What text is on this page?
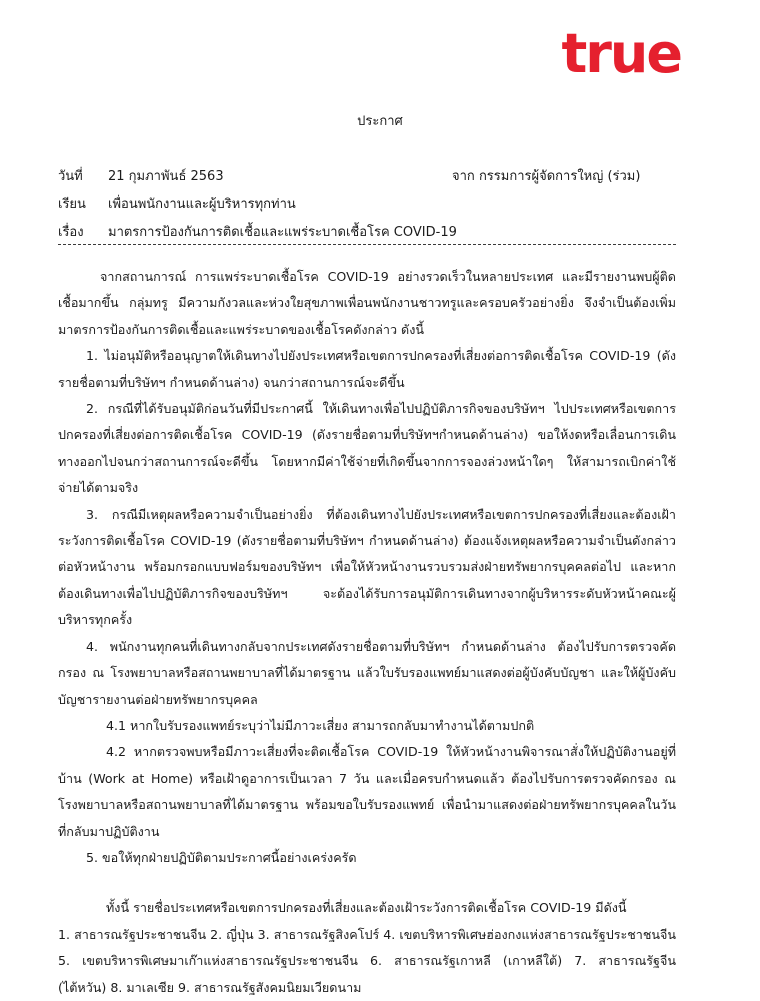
true
ประกาศ
วันที่ 21 กุมภาพันธ์ 2563	จาก กรรมการผู้จัดการใหญ่ (ร่วม)
เรียน เพื่อนพนักงานและผู้บริหารทุกท่าน
เรื่อง มาตรการป้องกันการติดเชื้อและแพร่ระบาดเชื้อโรค COVID-19

จากสถานการณ์ การแพร่ระบาดเชื้อโรค COVID-19 อย่างรวดเร็วในหลายประเทศ และมีรายงานพบผู้ติดเชื้อมากขึ้น กลุ่มทรู มีความกังวลและห่วงใยสุขภาพเพื่อนพนักงานชาวทรูและครอบครัวอย่างยิ่ง จึงจำเป็นต้องเพิ่มมาตรการป้องกันการติดเชื้อและแพร่ระบาดของเชื้อโรคดังกล่าว ดังนี้

1. ไม่อนุมัติหรืออนุญาตให้เดินทางไปยังประเทศหรือเขตการปกครองที่เสี่ยงต่อการติดเชื้อโรค COVID-19 (ดังรายชื่อตามที่บริษัทฯ กำหนดด้านล่าง) จนกว่าสถานการณ์จะดีขึ้น

2. กรณีที่ได้รับอนุมัติก่อนวันที่มีประกาศนี้ ให้เดินทางเพื่อไปปฏิบัติภารกิจของบริษัทฯ ไปประเทศหรือเขตการปกครองที่เสี่ยงต่อการติดเชื้อโรค COVID-19 (ดังรายชื่อตามที่บริษัทฯกำหนดด้านล่าง) ขอให้งดหรือเลื่อนการเดินทางออกไปจนกว่าสถานการณ์จะดีขึ้น โดยหากมีค่าใช้จ่ายที่เกิดขึ้นจากการจองล่วงหน้าใดๆ ให้สามารถเบิกค่าใช้จ่ายได้ตามจริง

3. กรณีมีเหตุผลหรือความจำเป็นอย่างยิ่ง ที่ต้องเดินทางไปยังประเทศหรือเขตการปกครองที่เสี่ยงและต้องเฝ้าระวังการติดเชื้อโรค COVID-19 (ดังรายชื่อตามที่บริษัทฯ กำหนดด้านล่าง) ต้องแจ้งเหตุผลหรือความจำเป็นดังกล่าวต่อหัวหน้างาน พร้อมกรอกแบบฟอร์มของบริษัทฯ เพื่อให้หัวหน้างานรวบรวมส่งฝ่ายทรัพยากรบุคคลต่อไป และหากต้องเดินทางเพื่อไปปฏิบัติภารกิจของบริษัทฯ จะต้องได้รับการอนุมัติการเดินทางจากผู้บริหารระดับหัวหน้าคณะผู้บริหารทุกครั้ง

4. พนักงานทุกคนที่เดินทางกลับจากประเทศดังรายชื่อตามที่บริษัทฯ กำหนดด้านล่าง ต้องไปรับการตรวจคัดกรอง ณ โรงพยาบาลหรือสถานพยาบาลที่ได้มาตรฐาน แล้วใบรับรองแพทย์มาแสดงต่อผู้บังคับบัญชา และให้ผู้บังคับบัญชารายงานต่อฝ่ายทรัพยากรบุคคล

4.1 หากใบรับรองแพทย์ระบุว่าไม่มีภาวะเสี่ยง สามารถกลับมาทำงานได้ตามปกติ

4.2 หากตรวจพบหรือมีภาวะเสี่ยงที่จะติดเชื้อโรค COVID-19 ให้หัวหน้างานพิจารณาสั่งให้ปฏิบัติงานอยู่ที่บ้าน (Work at Home) หรือเฝ้าดูอาการเป็นเวลา 7 วัน และเมื่อครบกำหนดแล้ว ต้องไปรับการตรวจคัดกรอง ณ โรงพยาบาลหรือสถานพยาบาลที่ได้มาตรฐาน พร้อมขอใบรับรองแพทย์ เพื่อนำมาแสดงต่อฝ่ายทรัพยากรบุคคลในวันที่กลับมาปฏิบัติงาน

5. ขอให้ทุกฝ่ายปฏิบัติตามประกาศนี้อย่างเคร่งครัด

ทั้งนี้ รายชื่อประเทศหรือเขตการปกครองที่เสี่ยงและต้องเฝ้าระวังการติดเชื้อโรค COVID-19 มีดังนี้

1. สาธารณรัฐประชาชนจีน 2. ญี่ปุ่น 3. สาธารณรัฐสิงคโปร์ 4. เขตบริหารพิเศษฮ่องกงแห่งสาธารณรัฐประชาชนจีน 5. เขตบริหารพิเศษมาเก๊าแห่งสาธารณรัฐประชาชนจีน 6. สาธารณรัฐเกาหลี (เกาหลีใต้) 7. สาธารณรัฐจีน (ไต้หวัน) 8. มาเลเซีย 9. สาธารณรัฐสังคมนิยมเวียดนาม
